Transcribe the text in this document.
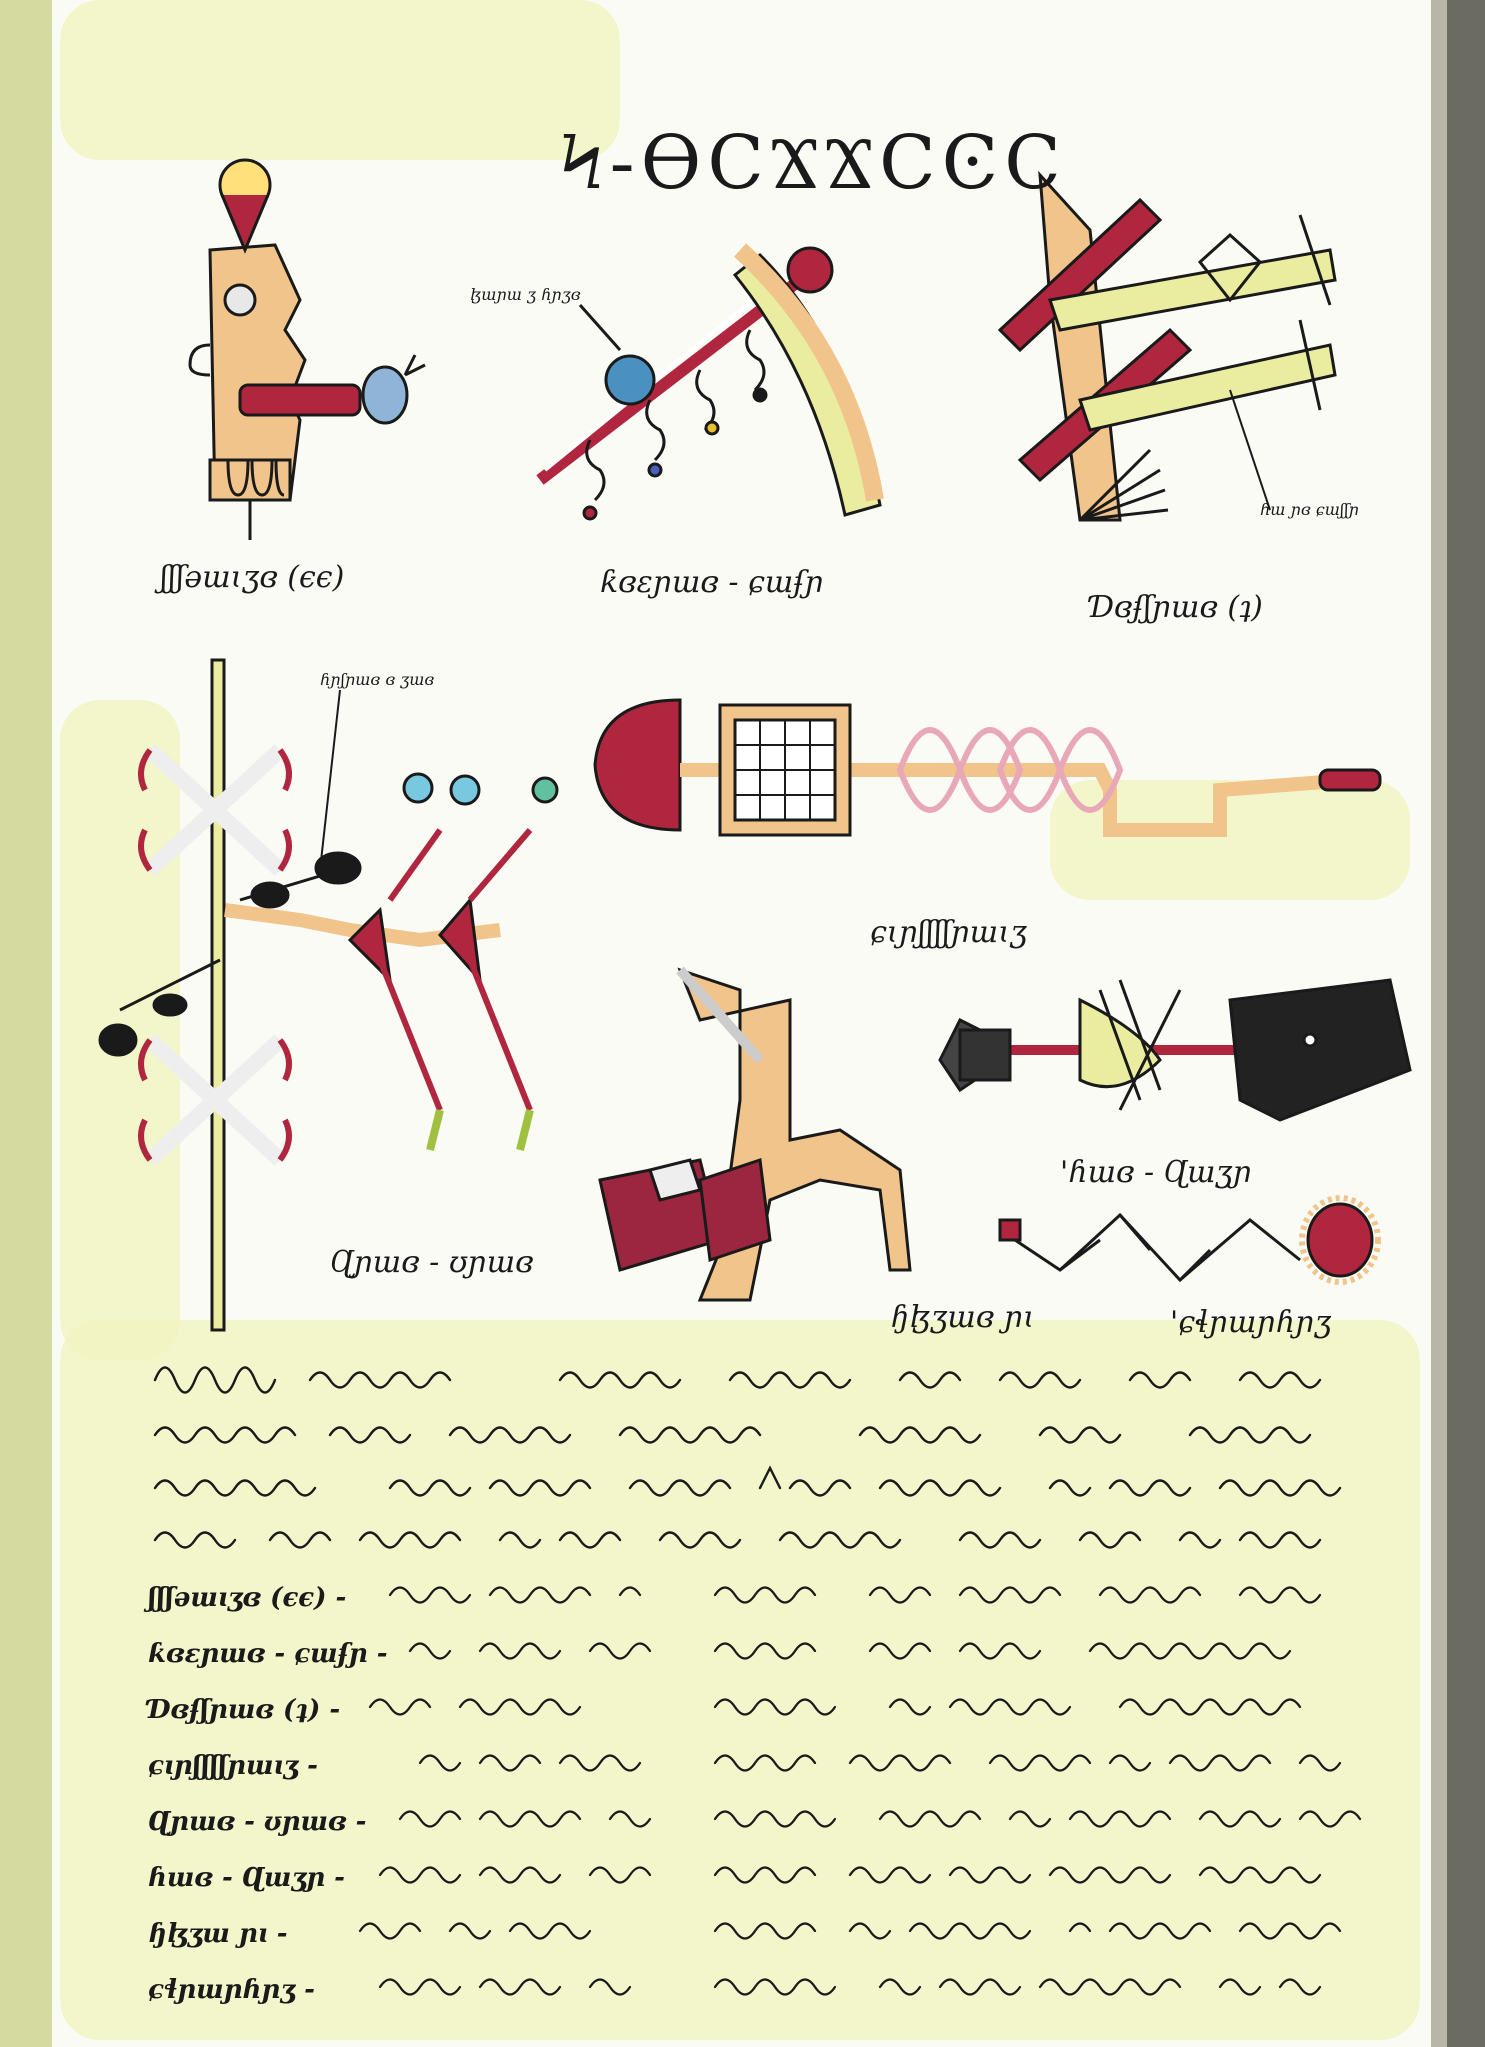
Ϟ-ϴϹϪϪϹϾϹ
ʃʃʃǝɯɩʒɞ (ϵϵ)	ƙɞɛɲɯɞ - ɕɯʄɲ
ɮɯɲɯ ʒ ɦɲʒɞ
Ɗɞʄʃɲɯɞ (ʇ)
ɦɯ ɲɞ ɕɯʃʃɲ
ɕɩɲʃʃʃʃɲɯɩʒ
Ɋɲɯɞ - ʊɲɯɞ
ɦɲʃɲɯɞ ɞ ʒɯɞ
'ɦɯɞ - Ɋɯʒɲ
ɧɮʒɯɞ ɲɩ	'ɕɬɲɯɲɦɲʒ
ʃʃʃǝɯɩʒɞ (ϵϵ) -
ƙɞɛɲɯɞ - ɕɯʄɲ -
Ɗɞʄʃɲɯɞ (ʇ) -
ɕɩɲʃʃʃʃɲɯɩʒ -
Ɋɲɯɞ - ʊɲɯɞ -
ɦɯɞ - Ɋɯʒɲ -
ɧɮʒɯ ɲɩ -
ɕɬɲɯɲɦɲʒ -
